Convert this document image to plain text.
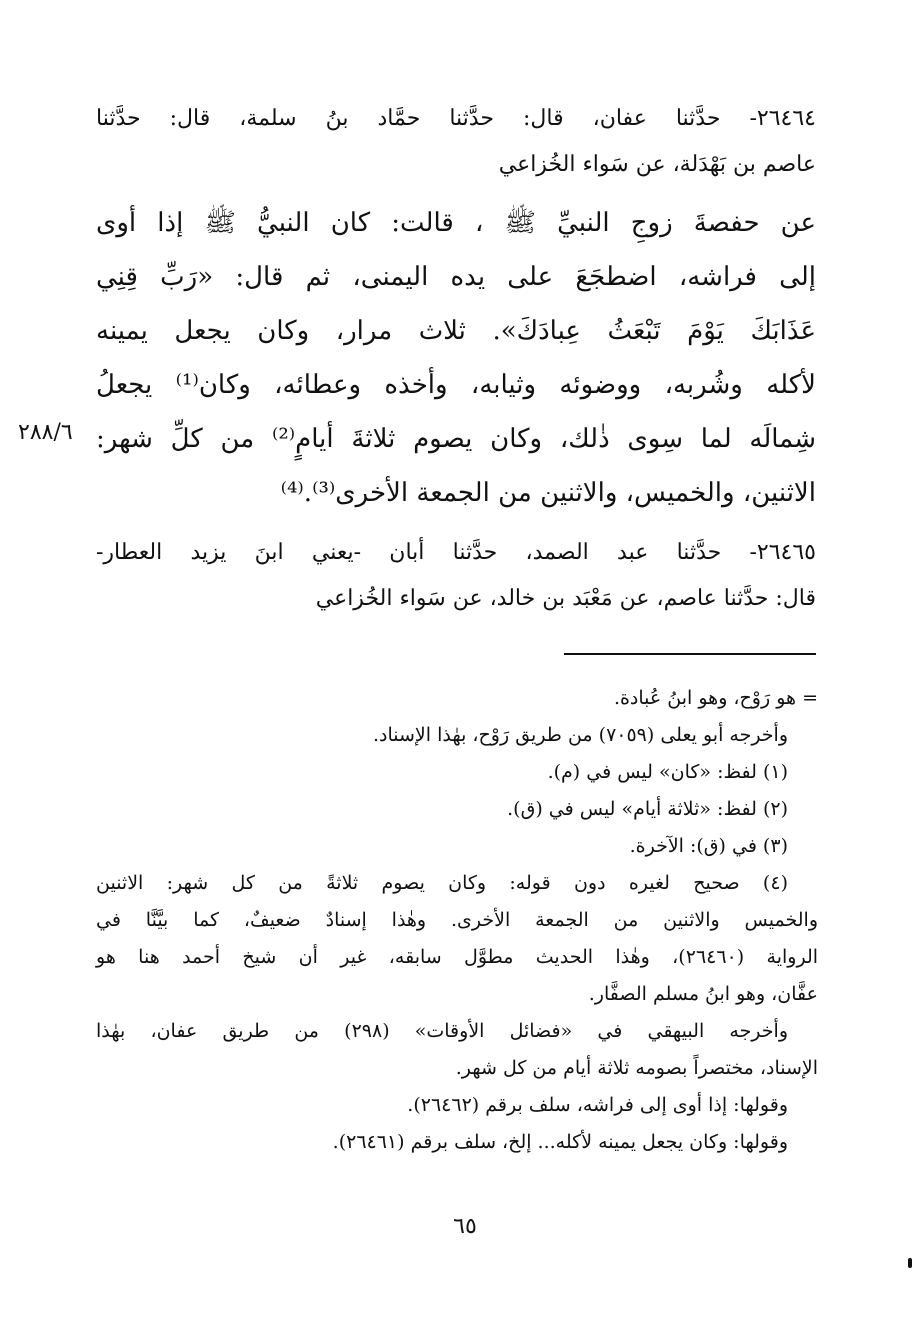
٢٦٤٦٤- حدَّثنا عفان، قال: حدَّثنا حمَّاد بنُ سلمة، قال: حدَّثنا
عاصم بن بَهْدَلة، عن سَواء الخُزاعي
عن حفصةَ زوجِ النبيِّ ﷺ ، قالت: كان النبيُّ ﷺ إذا أوى
إلى فراشه، اضطجَعَ على يده اليمنى، ثم قال: «رَبِّ قِنِي
عَذَابَكَ يَوْمَ تَبْعَثُ عِبادَكَ». ثلاث مرار، وكان يجعل يمينه
لأكله وشُربه، ووضوئه وثيابه، وأخذه وعطائه، وكان⁽¹⁾ يجعلُ
شِمالَه لما سِوى ذٰلك، وكان يصوم ثلاثةَ أيامٍ⁽²⁾ من كلِّ شهر:
الاثنين، والخميس، والاثنين من الجمعة الأخرى⁽³⁾.⁽⁴⁾
٢٨٨/٦
٢٦٤٦٥- حدَّثنا عبد الصمد، حدَّثنا أبان -يعني ابنَ يزيد العطار-
قال: حدَّثنا عاصم، عن مَعْبَد بن خالد، عن سَواء الخُزاعي
= هو رَوْح، وهو ابنُ عُبادة.
وأخرجه أبو يعلى (٧٠٥٩) من طريق رَوْح، بهٰذا الإسناد.
(١) لفظ: «كان» ليس في (م).
(٢) لفظ: «ثلاثة أيام» ليس في (ق).
(٣) في (ق): الآخرة.
(٤) صحيح لغيره دون قوله: وكان يصوم ثلاثةً من كل شهر: الاثنين
والخميس والاثنين من الجمعة الأخرى. وهٰذا إسنادٌ ضعيفٌ، كما بيَّنَّا في
الرواية (٢٦٤٦٠)، وهٰذا الحديث مطوَّل سابقه، غير أن شيخ أحمد هنا هو
عفَّان، وهو ابنُ مسلم الصفَّار.
وأخرجه البيهقي في «فضائل الأوقات» (٢٩٨) من طريق عفان، بهٰذا
الإسناد، مختصراً بصومه ثلاثة أيام من كل شهر.
وقولها: إذا أوى إلى فراشه، سلف برقم (٢٦٤٦٢).
وقولها: وكان يجعل يمينه لأكله... إلخ، سلف برقم (٢٦٤٦١).
٦٥
